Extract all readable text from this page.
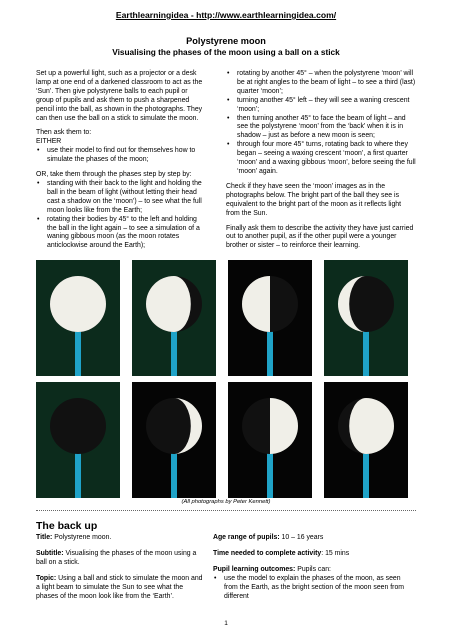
Earthlearningidea - http://www.earthlearningidea.com/
Polystyrene moon
Visualising the phases of the moon using a ball on a stick

Set up a powerful light, such as a projector or a desk lamp at one end of a darkened classroom to act as the ‘Sun’. Then give polystyrene balls to each pupil or group of pupils and ask them to push a sharpened pencil into the ball, as shown in the photographs. They can then use the ball on a stick to simulate the moon.

Then ask them to:
EITHER
• use their model to find out for themselves how to simulate the phases of the moon;

OR, take them through the phases step by step by:

• standing with their back to the light and holding the ball in the beam of light (without letting their head cast a shadow on the ‘moon’) – to see what the full moon looks like from the Earth;
• rotating their bodies by 45° to the left and holding the ball in the light again – to see a simulation of a waning gibbous moon (as the moon rotates anticlockwise around the Earth);
• rotating by another 45° – when the polystyrene ‘moon’ will be at right angles to the beam of light – to see a third (last) quarter ‘moon’;
• turning another 45° left – they will see a waning crescent ‘moon’;
• then turning another 45° to face the beam of light – and see the polystyrene ‘moon’ from the ‘back’ when it is in shadow – just as before a new moon is seen;
• through four more 45° turns, rotating back to where they began – seeing a waxing crescent ‘moon’, a first quarter ‘moon’ and a waxing gibbous ‘moon’, before seeing the full ‘moon’ again.

Check if they have seen the ‘moon’ images as in the photographs below. The bright part of the ball they see is equivalent to the bright part of the moon as it reflects light from the Sun.

Finally ask them to describe the activity they have just carried out to another pupil, as if the other pupil were a younger brother or sister – to reinforce their learning.

(All photographs by Peter Kennett)
The back up

Title: Polystyrene moon.

Subtitle: Visualising the phases of the moon using a ball on a stick.

Topic: Using a ball and stick to simulate the moon and a light beam to simulate the Sun to see what the phases of the moon look like from the ‘Earth’.

Age range of pupils: 10 – 16 years

Time needed to complete activity: 15 mins

Pupil learning outcomes: Pupils can:

• use the model to explain the phases of the moon, as seen from the Earth, as the bright section of the moon seen from different
1
